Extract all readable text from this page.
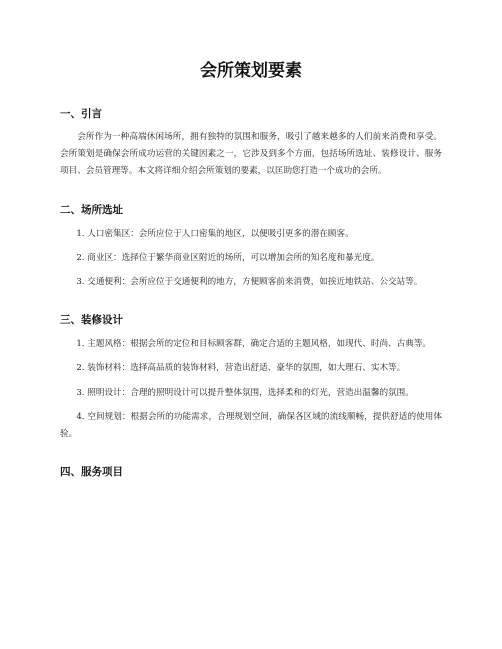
会所策划要素
一、引言

会所作为一种高端休闲场所，拥有独特的氛围和服务，吸引了越来越多的人们前来消费和享受。会所策划是确保会所成功运营的关键因素之一，它涉及到多个方面，包括场所选址、装修设计、服务项目、会员管理等。本文将详细介绍会所策划的要素，以匡助您打造一个成功的会所。

二、场所选址

1. 人口密集区：会所应位于人口密集的地区，以便吸引更多的潜在顾客。

2. 商业区：选择位于繁华商业区附近的场所，可以增加会所的知名度和暴光度。

3. 交通便利：会所应位于交通便利的地方，方便顾客前来消费，如挨近地铁站、公交站等。

三、装修设计

1. 主题风格：根据会所的定位和目标顾客群，确定合适的主题风格，如现代、时尚、古典等。

2. 装饰材料：选择高品质的装饰材料，营造出舒适、豪华的氛围，如大理石、实木等。

3. 照明设计：合理的照明设计可以提升整体氛围，选择柔和的灯光，营造出温馨的氛围。

4. 空间规划：根据会所的功能需求，合理规划空间，确保各区域的流线顺畅，提供舒适的使用体验。

四、服务项目
